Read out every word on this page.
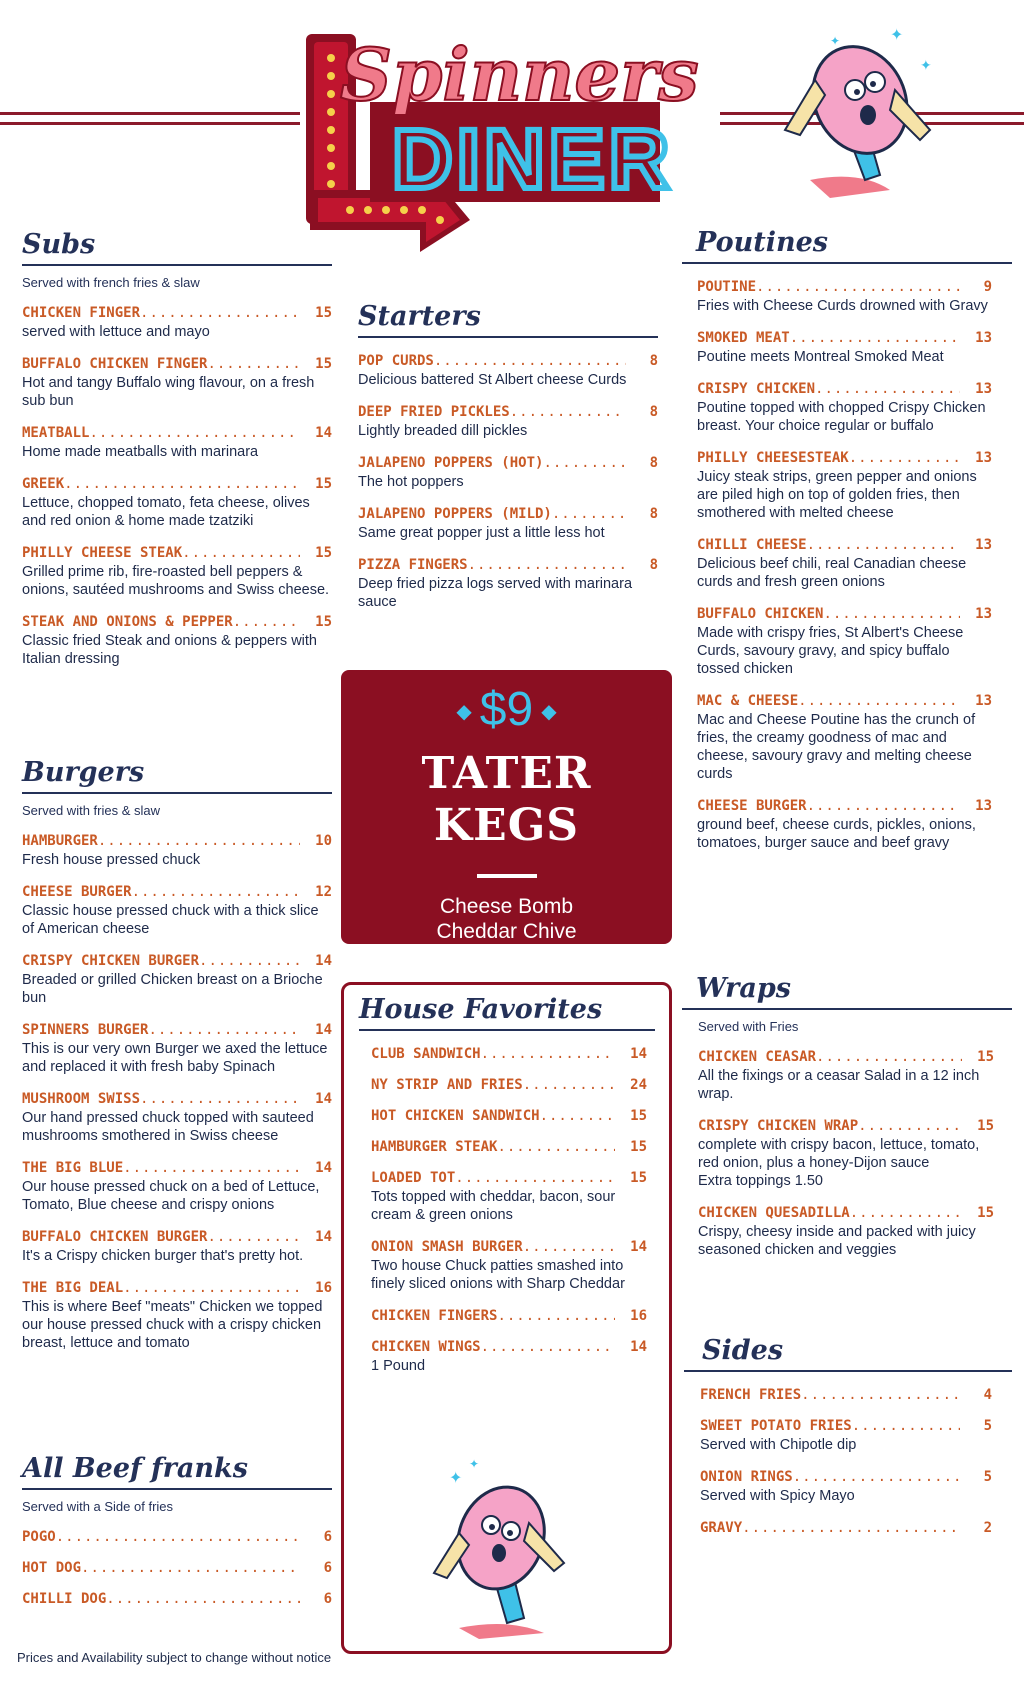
DINER
Spinners	✦
✦
✦
Subs

Served with french fries & slaw

CHICKEN FINGER .....	15
served with lettuce and mayo
BUFFALO CHICKEN FINGER .....	15
Hot and tangy Buffalo wing flavour, on a fresh sub bun
MEATBALL .....	14
Home made meatballs with marinara
GREEK .....	15
Lettuce, chopped tomato, feta cheese, olives and red onion & home made tzatziki
PHILLY CHEESE STEAK .....	15
Grilled prime rib, fire-roasted bell peppers & onions, sautéed mushrooms and Swiss cheese.
STEAK AND ONIONS & PEPPER .....	15
Classic fried Steak and onions & peppers with Italian dressing
Burgers

Served with fries & slaw

HAMBURGER .....	10
Fresh house pressed chuck
CHEESE BURGER .....	12
Classic house pressed chuck with a thick slice of American cheese
CRISPY CHICKEN BURGER .....	14
Breaded or grilled Chicken breast on a Brioche bun
SPINNERS BURGER .....	14
This is our very own Burger we axed the lettuce and replaced it with fresh baby Spinach
MUSHROOM SWISS .....	14
Our hand pressed chuck topped with sauteed mushrooms smothered in Swiss cheese
THE BIG BLUE .....	14
Our house pressed chuck on a bed of Lettuce, Tomato, Blue cheese and crispy onions
BUFFALO CHICKEN BURGER .....	14
It's a Crispy chicken burger that's pretty hot.
THE BIG DEAL .....	16
This is where Beef "meats" Chicken we topped our house pressed chuck with a crispy chicken breast, lettuce and tomato
All Beef franks

Served with a Side of fries

POGO .....	6
HOT DOG .....	6
CHILLI DOG .....	6
Starters
POP CURDS .....	8
Delicious battered St Albert cheese Curds
DEEP FRIED PICKLES .....	8
Lightly breaded dill pickles
JALAPENO POPPERS (HOT) .....	8
The hot poppers
JALAPENO POPPERS (MILD) .....	8
Same great popper just a little less hot
PIZZA FINGERS .....	8
Deep fried pizza logs served with marinara sauce
◆ $9 ◆
TATER KEGS
Cheese Bomb
Cheddar Chive
Bacon Jalapeno
Bacon Cheddar + Chive
House Favorites
CLUB SANDWICH .....	14
NY STRIP AND FRIES .....	24
HOT CHICKEN SANDWICH .....	15
HAMBURGER STEAK .....	15
LOADED TOT .....	15
Tots topped with cheddar, bacon, sour cream & green onions
ONION SMASH BURGER .....	14
Two house Chuck patties smashed into finely sliced onions with Sharp Cheddar
CHICKEN FINGERS .....	16
CHICKEN WINGS .....	14
1 Pound
✦
✦
Poutines
POUTINE .....	9
Fries with Cheese Curds drowned with Gravy
SMOKED MEAT .....	13
Poutine meets Montreal Smoked Meat
CRISPY CHICKEN .....	13
Poutine topped with chopped Crispy Chicken breast. Your choice regular or buffalo
PHILLY CHEESESTEAK .....	13
Juicy steak strips, green pepper and onions are piled high on top of golden fries, then smothered with melted cheese
CHILLI CHEESE .....	13
Delicious beef chili, real Canadian cheese curds and fresh green onions
BUFFALO CHICKEN .....	13
Made with crispy fries, St Albert's Cheese Curds, savoury gravy, and spicy buffalo tossed chicken
MAC & CHEESE .....	13
Mac and Cheese Poutine has the crunch of fries, the creamy goodness of mac and cheese, savoury gravy and melting cheese curds
CHEESE BURGER .....	13
ground beef, cheese curds, pickles, onions, tomatoes, burger sauce and beef gravy
Wraps

Served with Fries

CHICKEN CEASAR .....	15
All the fixings or a ceasar Salad in a 12 inch wrap.
CRISPY CHICKEN WRAP .....	15
complete with crispy bacon, lettuce, tomato, red onion, plus a honey-Dijon sauce
Extra toppings 1.50
CHICKEN QUESADILLA .....	15
Crispy, cheesy inside and packed with juicy seasoned chicken and veggies
Sides
FRENCH FRIES .....	4
SWEET POTATO FRIES .....	5
Served with Chipotle dip
ONION RINGS .....	5
Served with Spicy Mayo
GRAVY .....	2
Prices and Availability subject to change without notice
